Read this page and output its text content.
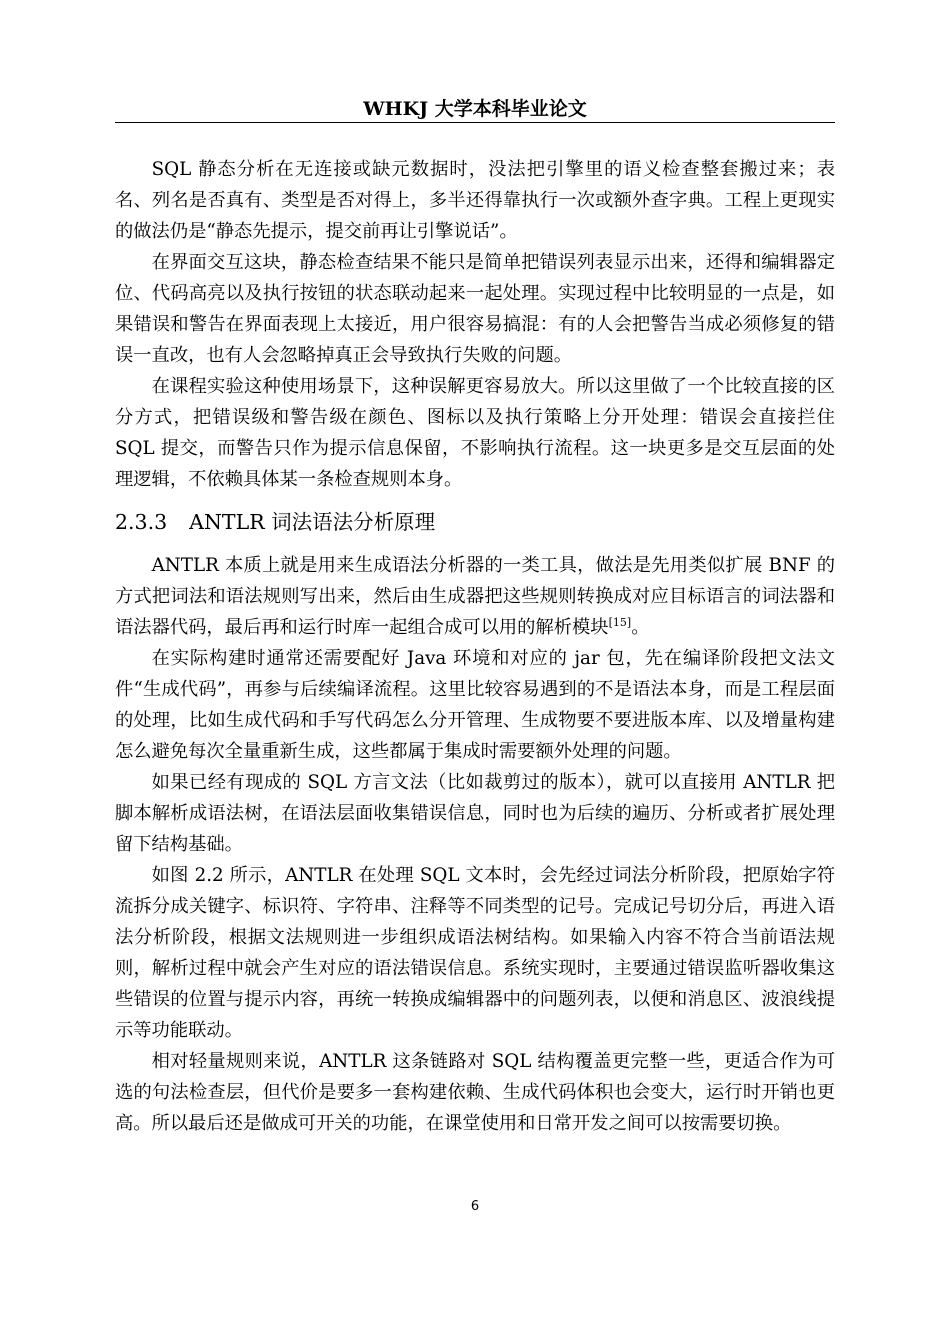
WHKJ 大学本科毕业论文

SQL 静态分析在无连接或缺元数据时，没法把引擎里的语义检查整套搬过来；表名、列名是否真有、类型是否对得上，多半还得靠执行一次或额外查字典。工程上更现实的做法仍是“静态先提示，提交前再让引擎说话”。

在界面交互这块，静态检查结果不能只是简单把错误列表显示出来，还得和编辑器定位、代码高亮以及执行按钮的状态联动起来一起处理。实现过程中比较明显的一点是，如果错误和警告在界面表现上太接近，用户很容易搞混：有的人会把警告当成必须修复的错误一直改，也有人会忽略掉真正会导致执行失败的问题。

在课程实验这种使用场景下，这种误解更容易放大。所以这里做了一个比较直接的区分方式，把错误级和警告级在颜色、图标以及执行策略上分开处理：错误会直接拦住 SQL 提交，而警告只作为提示信息保留，不影响执行流程。这一块更多是交互层面的处理逻辑，不依赖具体某一条检查规则本身。

2.3.3 ANTLR 词法语法分析原理

ANTLR 本质上就是用来生成语法分析器的一类工具，做法是先用类似扩展 BNF 的方式把词法和语法规则写出来，然后由生成器把这些规则转换成对应目标语言的词法器和语法器代码，最后再和运行时库一起组合成可以用的解析模块[15]。

在实际构建时通常还需要配好 Java 环境和对应的 jar 包，先在编译阶段把文法文件“生成代码”，再参与后续编译流程。这里比较容易遇到的不是语法本身，而是工程层面的处理，比如生成代码和手写代码怎么分开管理、生成物要不要进版本库、以及增量构建怎么避免每次全量重新生成，这些都属于集成时需要额外处理的问题。

如果已经有现成的 SQL 方言文法（比如裁剪过的版本），就可以直接用 ANTLR 把脚本解析成语法树，在语法层面收集错误信息，同时也为后续的遍历、分析或者扩展处理留下结构基础。

如图 2.2 所示，ANTLR 在处理 SQL 文本时，会先经过词法分析阶段，把原始字符流拆分成关键字、标识符、字符串、注释等不同类型的记号。完成记号切分后，再进入语法分析阶段，根据文法规则进一步组织成语法树结构。如果输入内容不符合当前语法规则，解析过程中就会产生对应的语法错误信息。系统实现时，主要通过错误监听器收集这些错误的位置与提示内容，再统一转换成编辑器中的问题列表，以便和消息区、波浪线提示等功能联动。

相对轻量规则来说，ANTLR 这条链路对 SQL 结构覆盖更完整一些，更适合作为可选的句法检查层，但代价是要多一套构建依赖、生成代码体积也会变大，运行时开销也更高。所以最后还是做成可开关的功能，在课堂使用和日常开发之间可以按需要切换。

6
